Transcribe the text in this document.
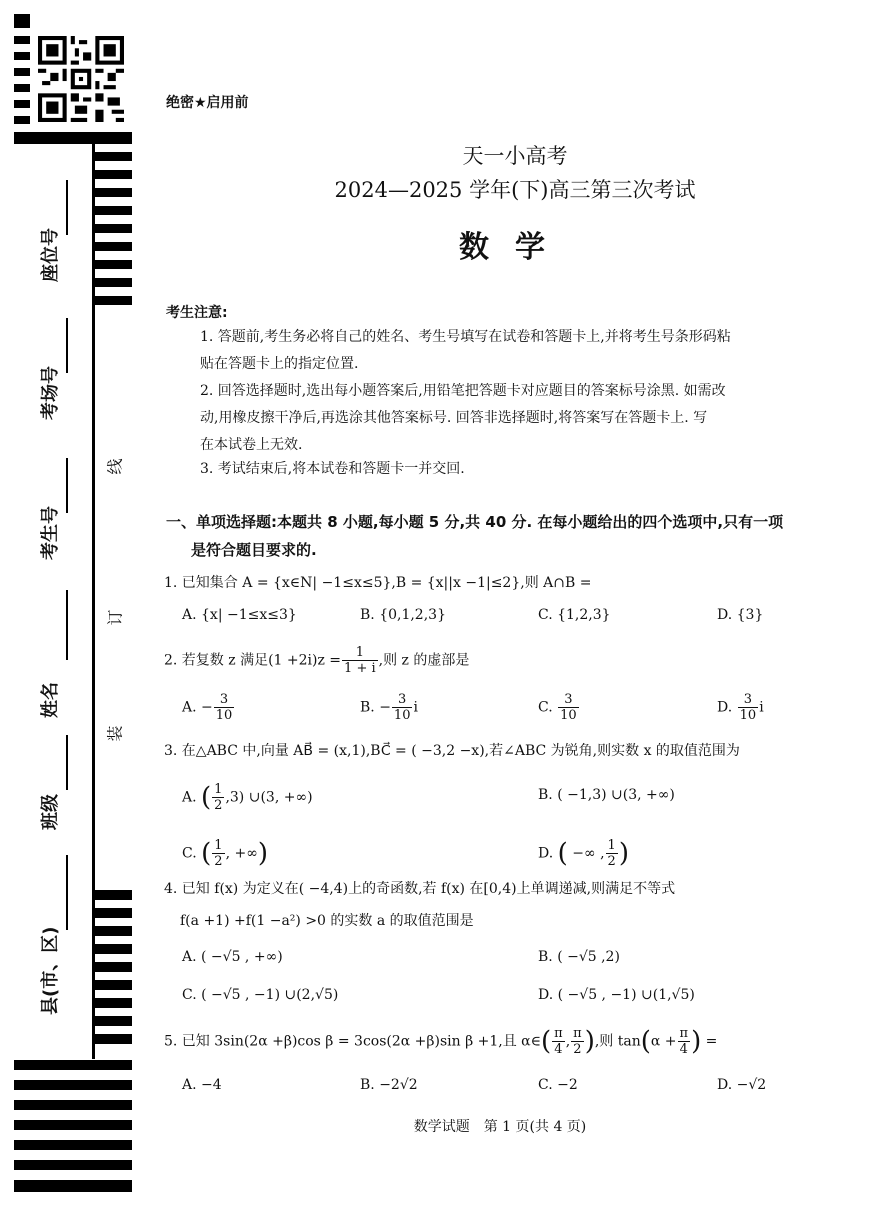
座位号
考场号
考生号
姓名
班级
县(市、区)
线
订
装
绝密★启用前
天一小高考
2024—2025 学年(下)高三第三次考试
数学
考生注意:
1. 答题前,考生务必将自己的姓名、考生号填写在试卷和答题卡上,并将考生号条形码粘
贴在答题卡上的指定位置.
2. 回答选择题时,选出每小题答案后,用铅笔把答题卡对应题目的答案标号涂黑. 如需改
动,用橡皮擦干净后,再选涂其他答案标号. 回答非选择题时,将答案写在答题卡上. 写
在本试卷上无效.
3. 考试结束后,将本试卷和答题卡一并交回.
一、单项选择题:本题共 8 小题,每小题 5 分,共 40 分. 在每小题给出的四个选项中,只有一项
是符合题目要求的.
1. 已知集合 A = {x∈N| −1≤x≤5},B = {x||x −1|≤2},则 A∩B =
A. {x| −1≤x≤3}	B. {0,1,2,3}	C. {1,2,3}	D. {3}
2. 若复数 z 满足$(1 +2i)z = \frac{1}{1 + i}$ ,则 z 的虚部是
A. − $\frac{3}{10}$	B. − $\frac{3}{10}$ i	C. $\frac{3}{10}$	D. $\frac{3}{10}$ i
3. 在△ABC 中,向量 AB⃗ = (x,1),BC⃗ = ( −3,2 −x),若∠ABC 为锐角,则实数 x 的取值范围为
A. ( $\frac{1}{2} ,3$) ∪(3, +∞)	B. ( −1,3) ∪(3, +∞)
C. ( $\frac{1}{2}$ , +∞)	D. ( −∞ , $\frac{1}{2}$ )
4. 已知 f(x) 为定义在( −4,4)上的奇函数,若 f(x) 在[0,4)上单调递减,则满足不等式
f(a +1) +f(1 −a²) >0 的实数 a 的取值范围是
A. ( −√5 , +∞)	B. ( −√5 ,2)
C. ( −√5 , −1) ∪(2,√5)	D. ( −√5 , −1) ∪(1,√5)
5. 已知 3sin(2α +β)cos β = 3cos(2α +β)sin β +1,且 α∈( $\frac{\pi}{4}$ , $\frac{\pi}{2}$ ),则 $\tan(\alpha + \frac{\pi}{4}$ ) =
A. −4	B. −2√2	C. −2	D. −√2
数学试题　第 1 页(共 4 页)
